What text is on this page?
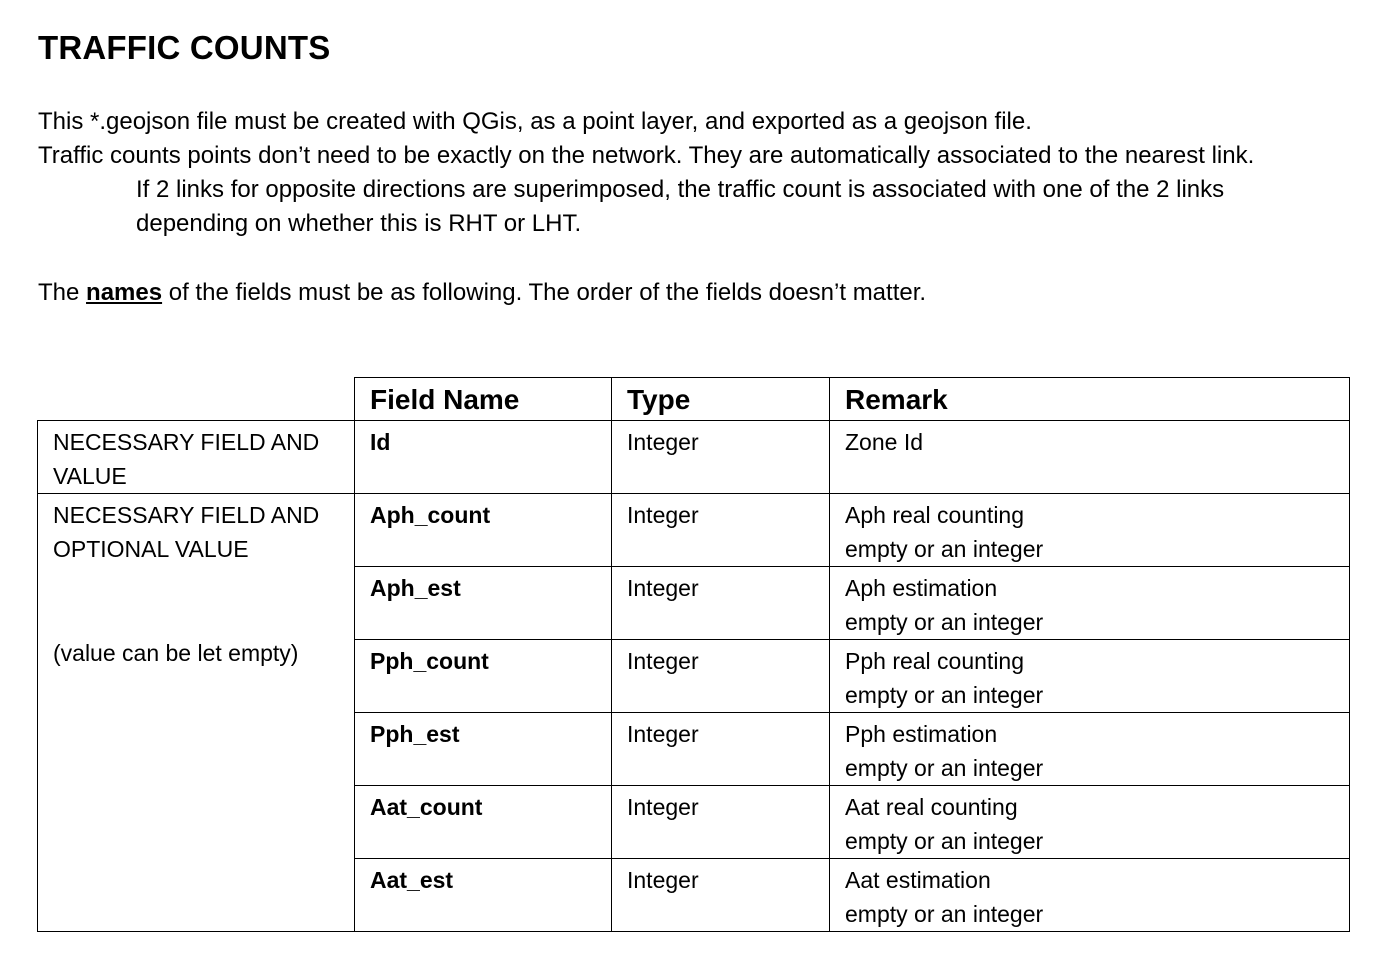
TRAFFIC COUNTS

This *.geojson file must be created with QGis, as a point layer, and exported as a geojson file.

Traffic counts points don’t need to be exactly on the network. They are automatically associated to the nearest link.

If 2 links for opposite directions are superimposed, the traffic count is associated with one of the 2 links

depending on whether this is RHT or LHT.

The names of the fields must be as following. The order of the fields doesn’t matter.

	Field Name	Type	Remark
NECESSARY FIELD AND VALUE	Id	Integer	Zone Id

NECESSARY FIELD AND OPTIONAL VALUE
(value can be let empty)	Aph_count	Integer	Aph real counting
empty or an integer

	Aph_est	Integer	Aph estimation
empty or an integer

	Pph_count	Integer	Pph real counting
empty or an integer

	Pph_est	Integer	Pph estimation
empty or an integer

	Aat_count	Integer	Aat real counting
empty or an integer

	Aat_est	Integer	Aat estimation
empty or an integer
